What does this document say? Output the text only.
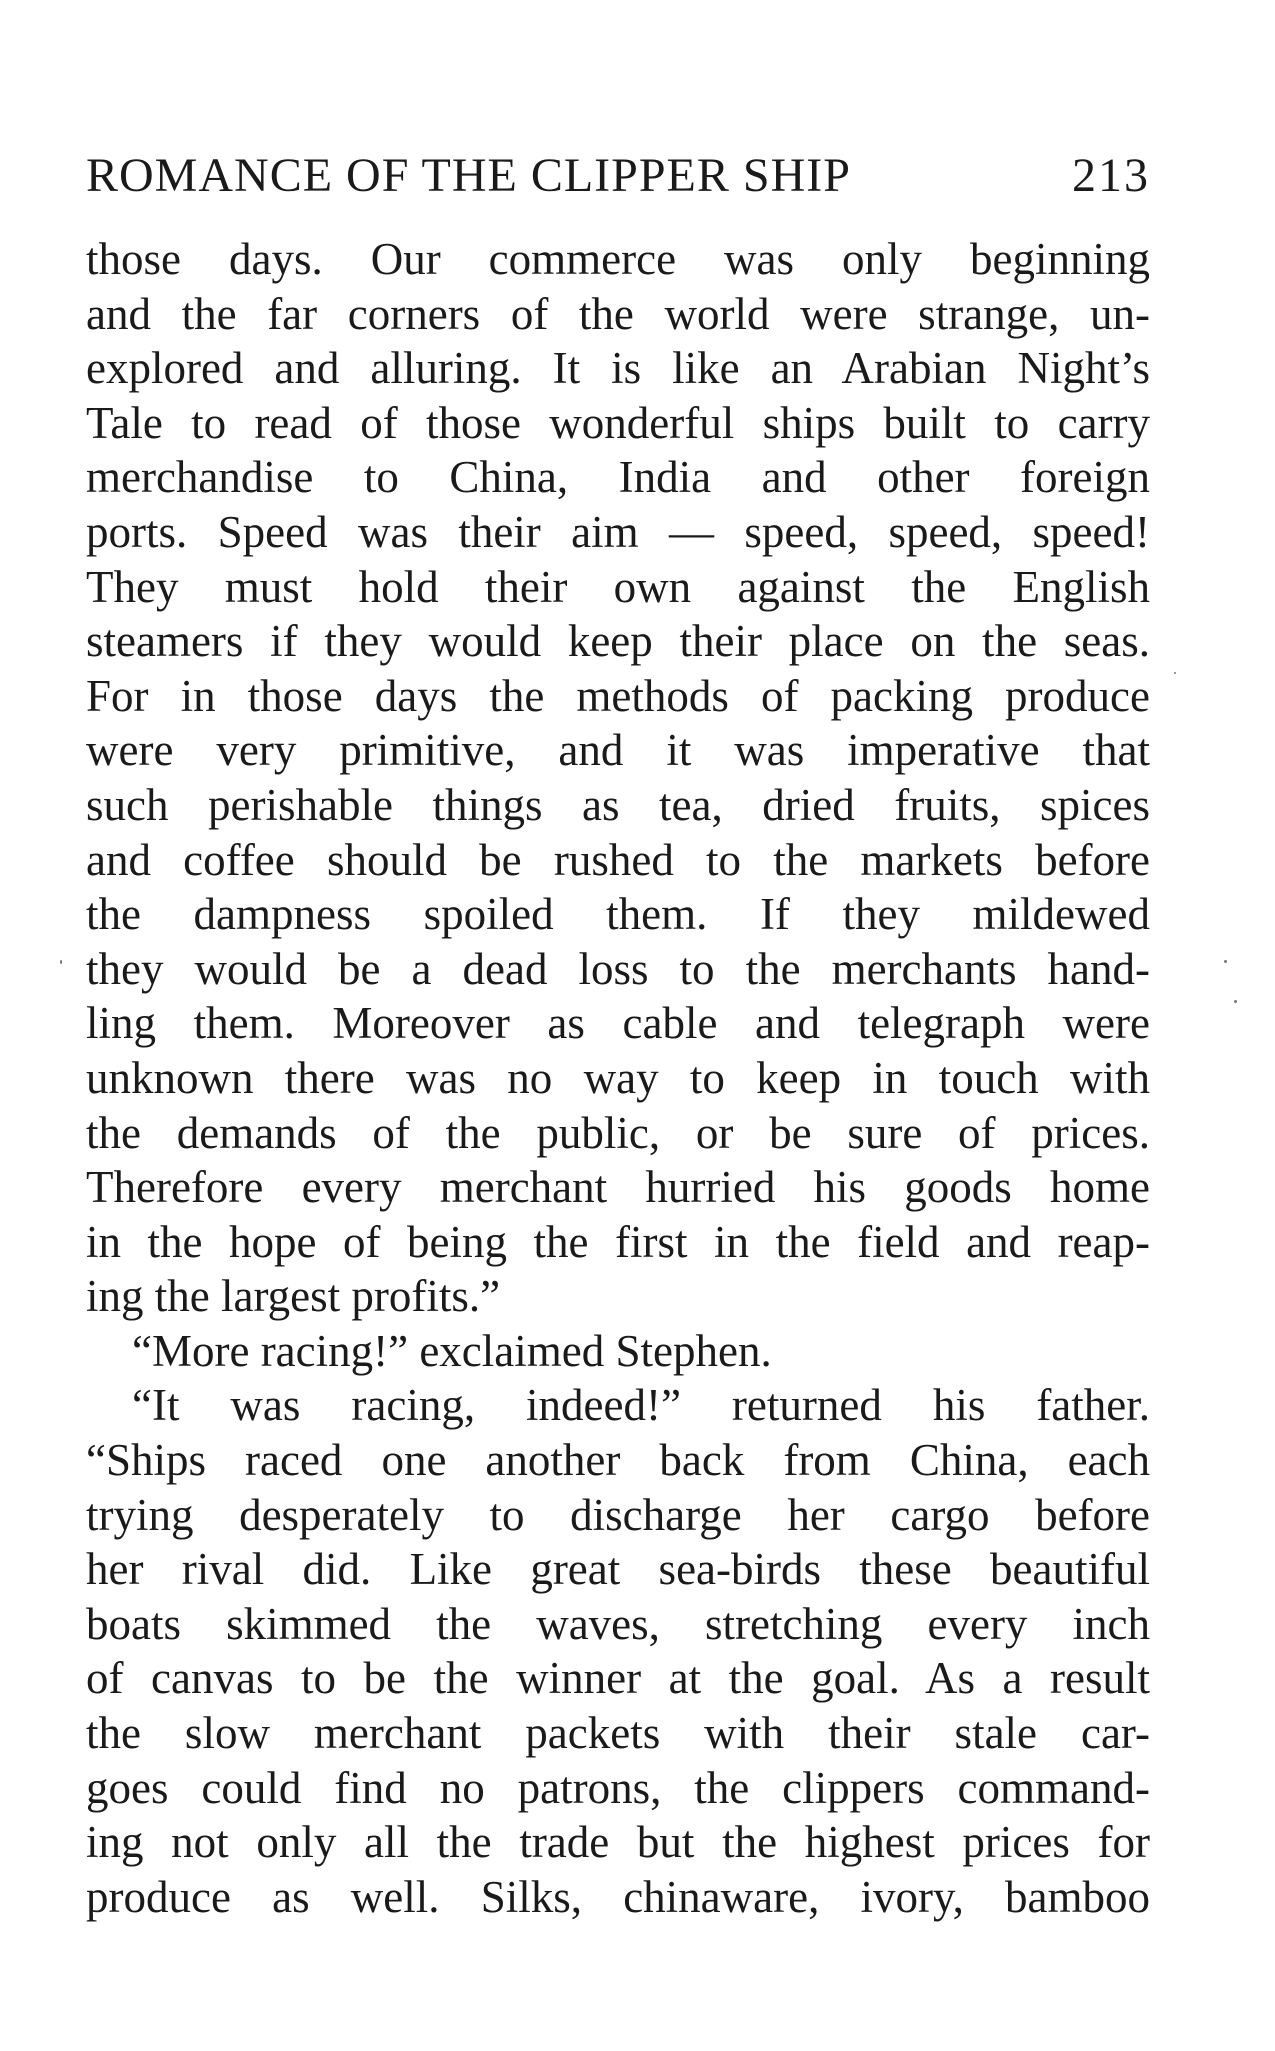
ROMANCE OF THE CLIPPER SHIP	213
those days. Our commerce was only beginning
and the far corners of the world were strange, un-
explored and alluring. It is like an Arabian Night’s
Tale to read of those wonderful ships built to carry
merchandise to China, India and other foreign
ports. Speed was their aim — speed, speed, speed!
They must hold their own against the English
steamers if they would keep their place on the seas.
For in those days the methods of packing produce
were very primitive, and it was imperative that
such perishable things as tea, dried fruits, spices
and coffee should be rushed to the markets before
the dampness spoiled them. If they mildewed
they would be a dead loss to the merchants hand-
ling them. Moreover as cable and telegraph were
unknown there was no way to keep in touch with
the demands of the public, or be sure of prices.
Therefore every merchant hurried his goods home
in the hope of being the first in the field and reap-
ing the largest profits.”
“More racing!” exclaimed Stephen.
“It was racing, indeed!” returned his father.
“Ships raced one another back from China, each
trying desperately to discharge her cargo before
her rival did. Like great sea-birds these beautiful
boats skimmed the waves, stretching every inch
of canvas to be the winner at the goal. As a result
the slow merchant packets with their stale car-
goes could find no patrons, the clippers command-
ing not only all the trade but the highest prices for
produce as well. Silks, chinaware, ivory, bamboo
